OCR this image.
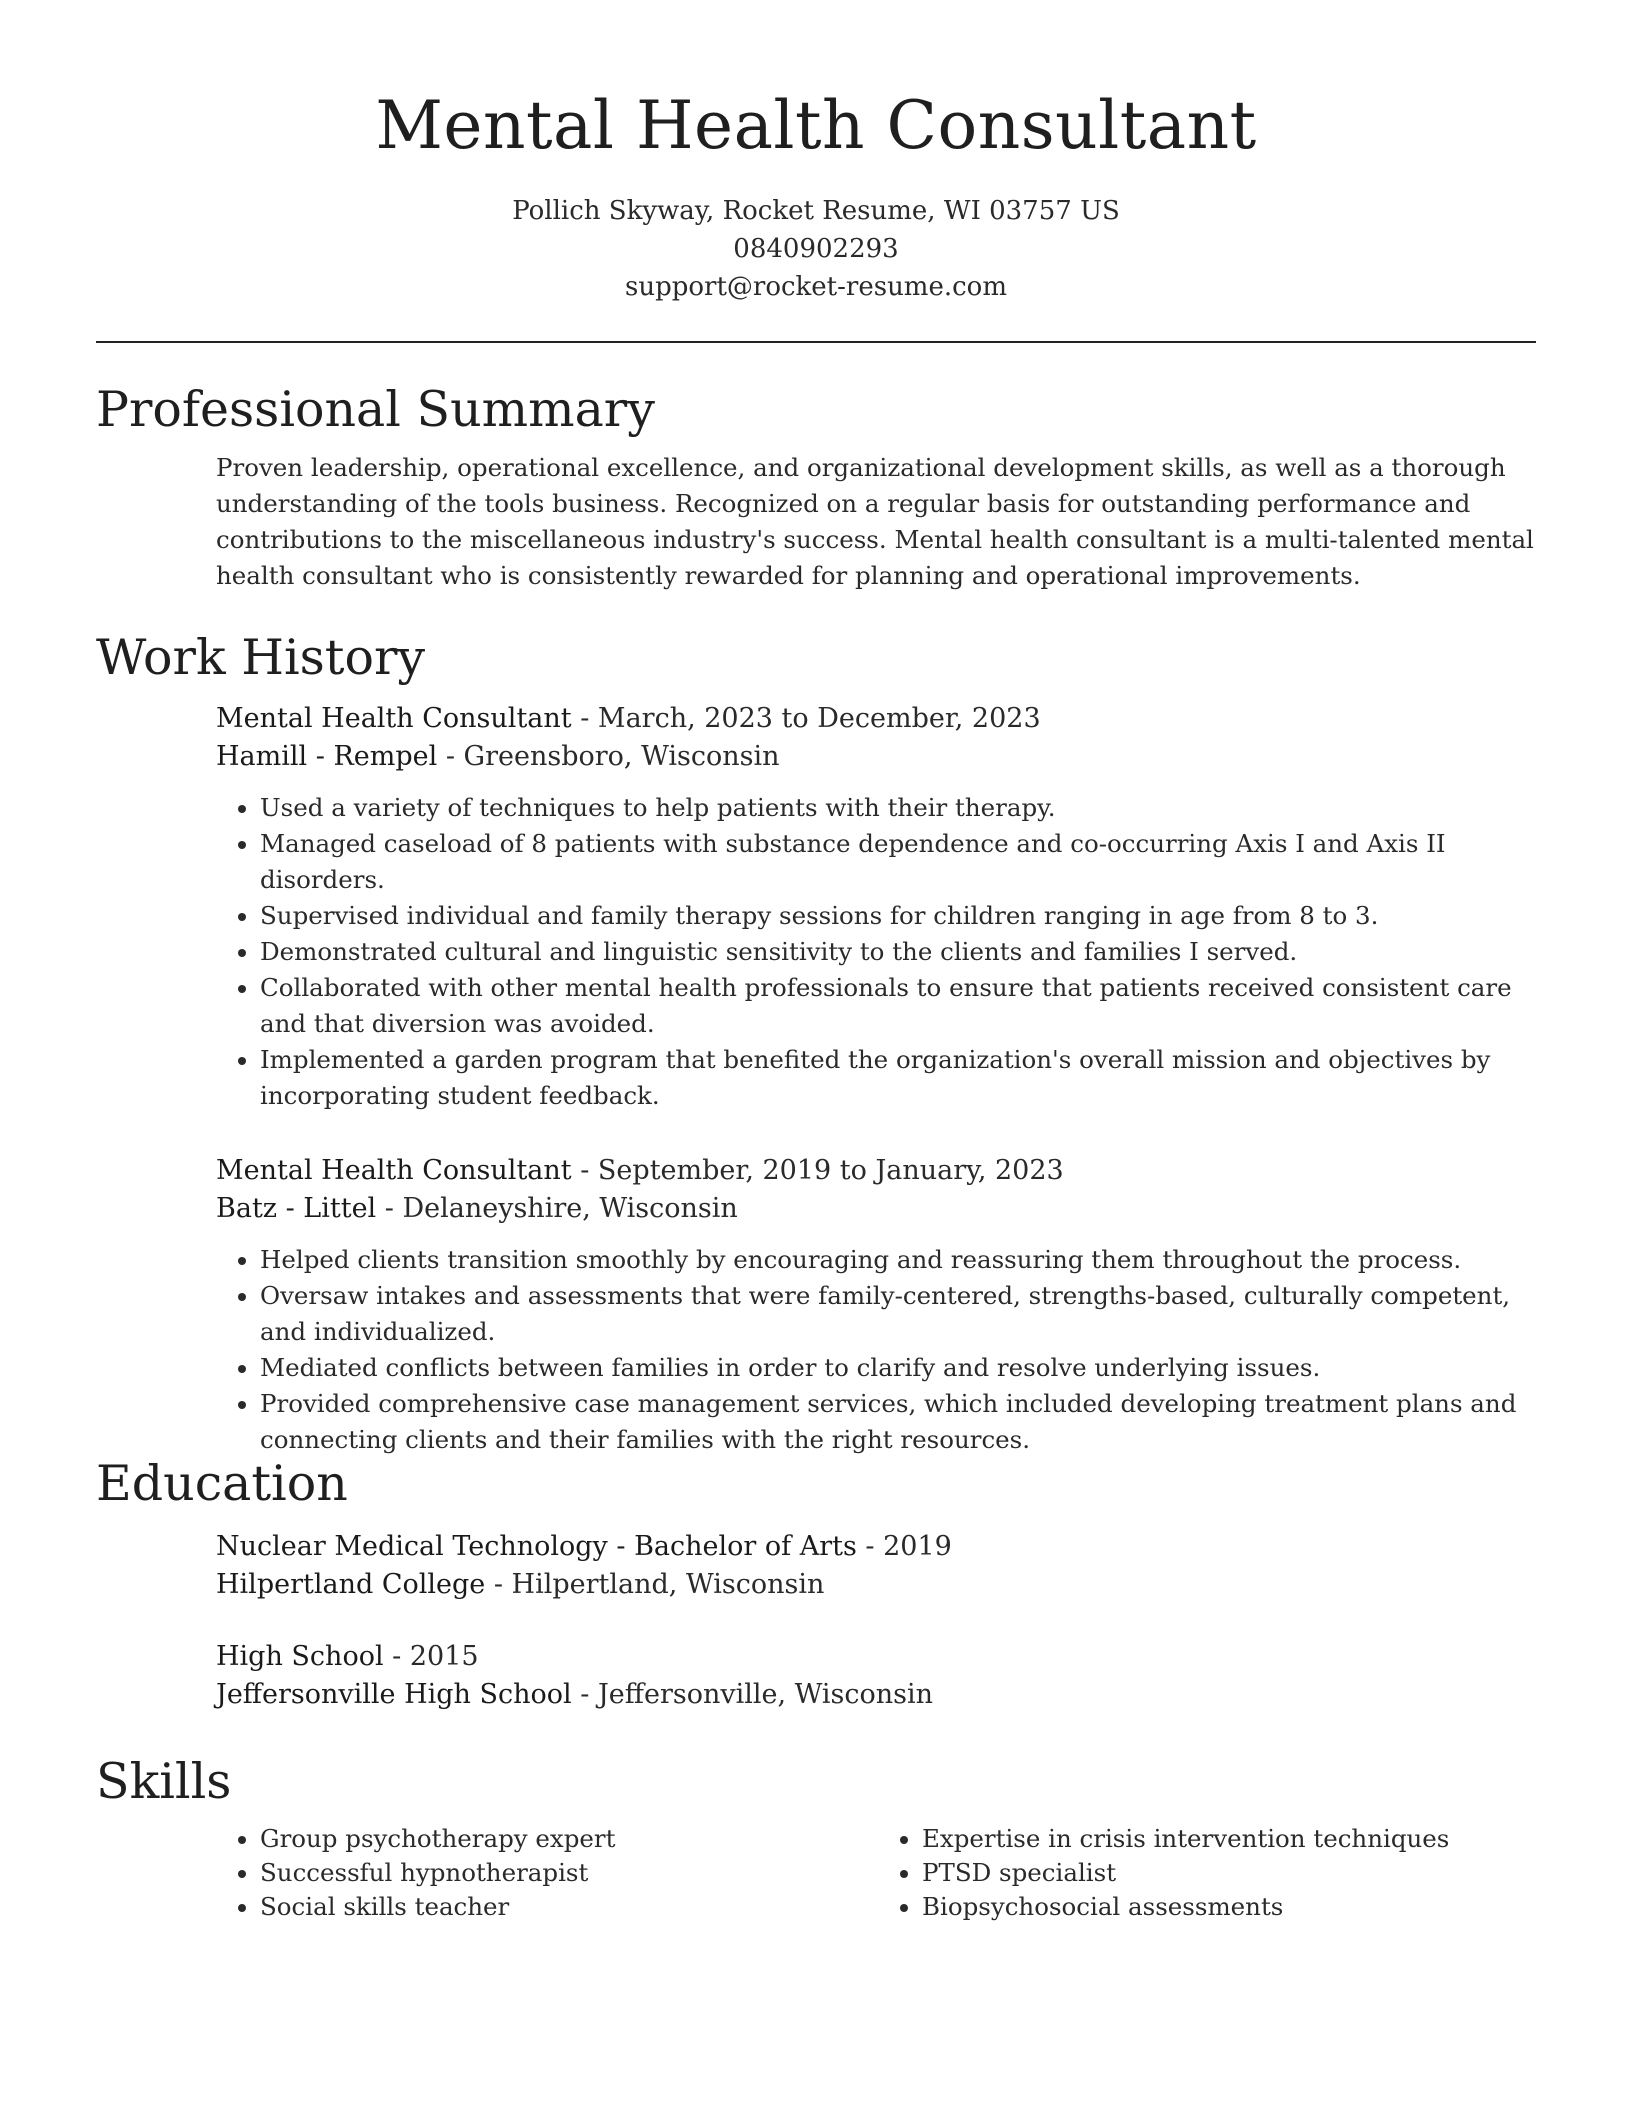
Mental Health Consultant
Pollich Skyway, Rocket Resume, WI 03757 US
0840902293
support@rocket-resume.com
Professional Summary
Proven leadership, operational excellence, and organizational development skills, as well as a thorough understanding of the tools business. Recognized on a regular basis for outstanding performance and contributions to the miscellaneous industry's success. Mental health consultant is a multi-talented mental health consultant who is consistently rewarded for planning and operational improvements.
Work History
Mental Health Consultant - March, 2023 to December, 2023
Hamill - Rempel - Greensboro, Wisconsin
• Used a variety of techniques to help patients with their therapy.
• Managed caseload of 8 patients with substance dependence and co-occurring Axis I and Axis II disorders.
• Supervised individual and family therapy sessions for children ranging in age from 8 to 3.
• Demonstrated cultural and linguistic sensitivity to the clients and families I served.
• Collaborated with other mental health professionals to ensure that patients received consistent care and that diversion was avoided.
• Implemented a garden program that benefited the organization's overall mission and objectives by incorporating student feedback.
Mental Health Consultant - September, 2019 to January, 2023
Batz - Littel - Delaneyshire, Wisconsin
• Helped clients transition smoothly by encouraging and reassuring them throughout the process.
• Oversaw intakes and assessments that were family-centered, strengths-based, culturally competent, and individualized.
• Mediated conflicts between families in order to clarify and resolve underlying issues.
• Provided comprehensive case management services, which included developing treatment plans and connecting clients and their families with the right resources.
Education
Nuclear Medical Technology - Bachelor of Arts - 2019
Hilpertland College - Hilpertland, Wisconsin
High School - 2015
Jeffersonville High School - Jeffersonville, Wisconsin
Skills
• Group psychotherapy expert
• Successful hypnotherapist
• Social skills teacher
• Expertise in crisis intervention techniques
• PTSD specialist
• Biopsychosocial assessments
